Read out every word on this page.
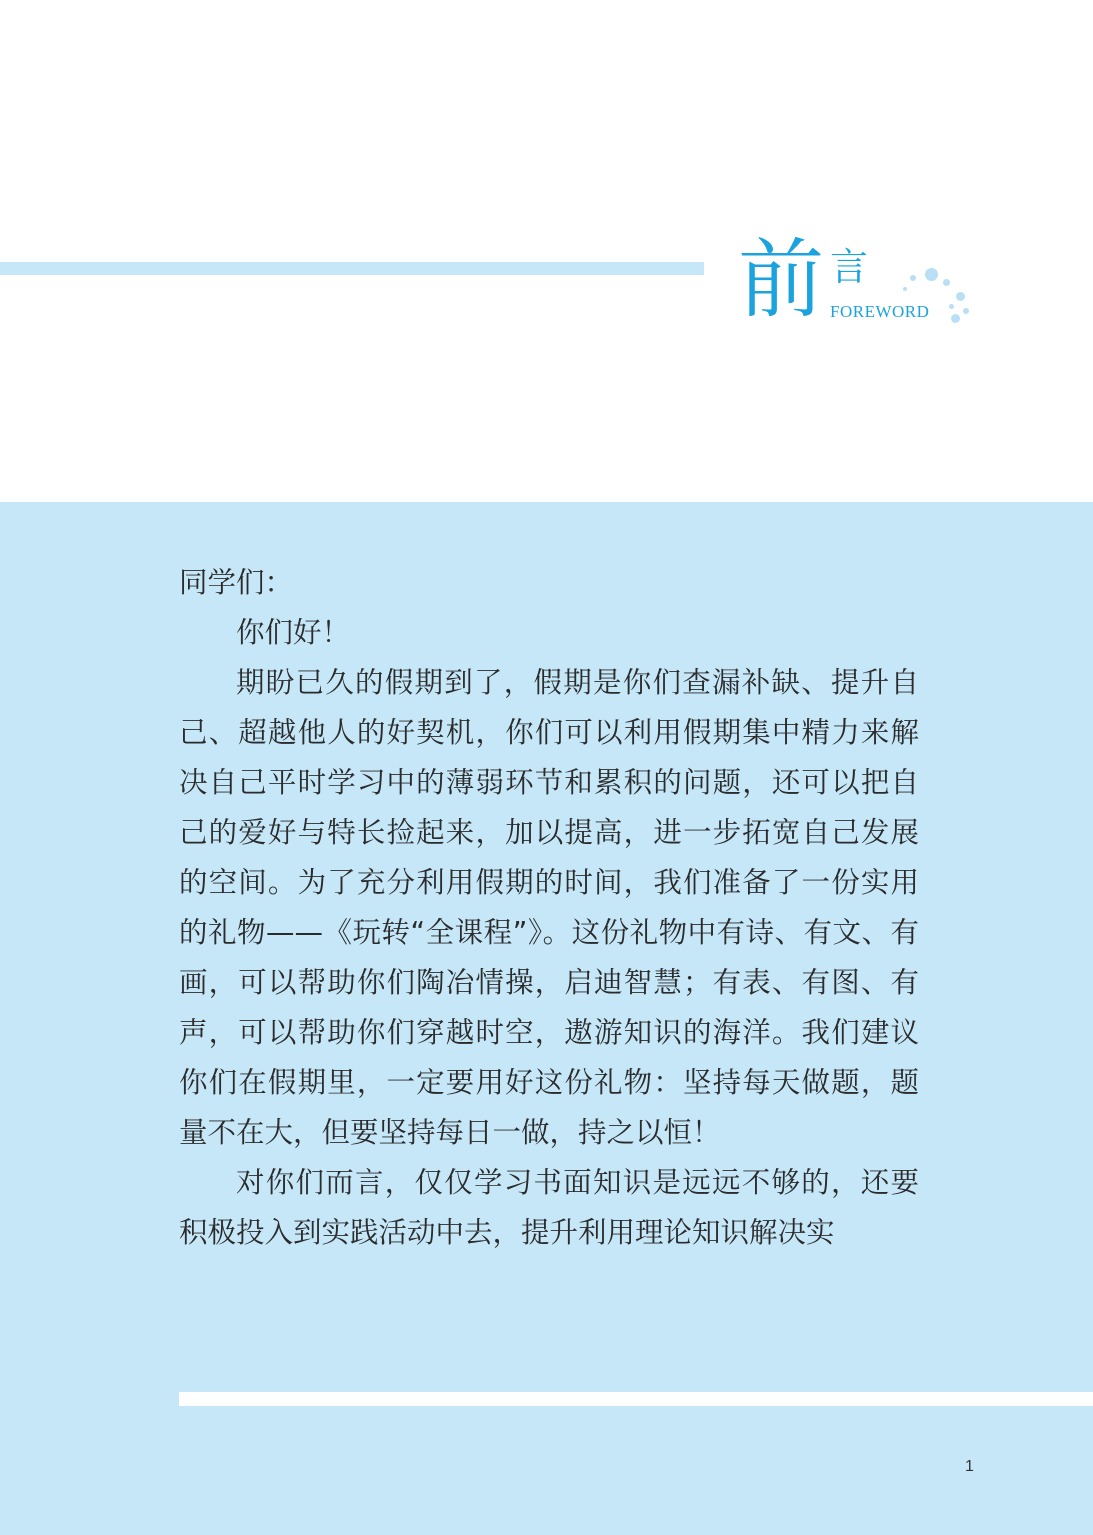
前 言
FOREWORD

同学们：

你们好！

期盼已久的假期到了，假期是你们查漏补缺、提升自己、超越他人的好契机，你们可以利用假期集中精力来解决自己平时学习中的薄弱环节和累积的问题，还可以把自己的爱好与特长捡起来，加以提高，进一步拓宽自己发展的空间。为了充分利用假期的时间，我们准备了一份实用的礼物——《玩转“全课程”》。这份礼物中有诗、有文、有画，可以帮助你们陶冶情操，启迪智慧；有表、有图、有声，可以帮助你们穿越时空，遨游知识的海洋。我们建议你们在假期里，一定要用好这份礼物：坚持每天做题，题量不在大，但要坚持每日一做，持之以恒！

对你们而言，仅仅学习书面知识是远远不够的，还要积极投入到实践活动中去，提升利用理论知识解决实

1
